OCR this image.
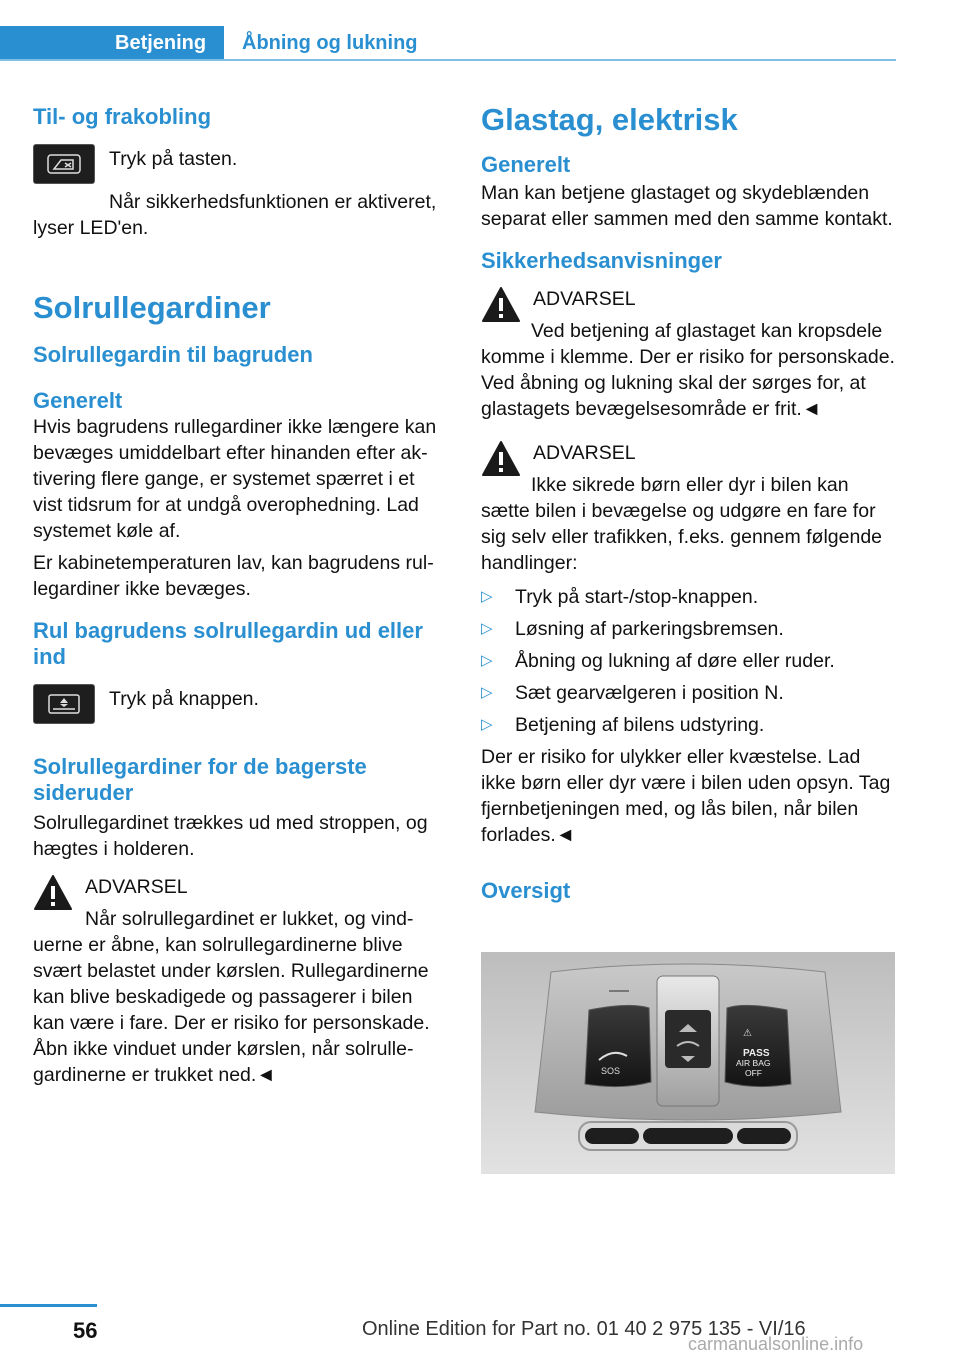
Betjening	Åbning og lukning
Til- og frakobling

Tryk på tasten.

Når sikkerhedsfunktionen er aktiveret, lyser LED'en.

Solrullegardiner
Solrullegardin til bagruden
Generelt

Hvis bagrudens rullegardiner ikke længere kan bevæges umiddelbart efter hinanden efter aktivering flere gange, er systemet spærret i et vist tidsrum for at undgå overophedning. Lad systemet køle af.

Er kabinetemperaturen lav, kan bagrudens rullegardiner ikke bevæges.

Rul bagrudens solrullegardin ud eller ind

Tryk på knappen.

Solrullegardiner for de bagerste sideruder

Solrullegardinet trækkes ud med stroppen, og hægtes i holderen.

ADVARSEL

Når solrullegardinet er lukket, og vinduerne er åbne, kan solrullegardinerne blive svært belastet under kørslen. Rullegardinerne kan blive beskadigede og passagerer i bilen kan være i fare. Der er risiko for personskade. Åbn ikke vinduet under kørslen, når solrullegardinerne er trukket ned.◄

Glastag, elektrisk
Generelt

Man kan betjene glastaget og skydeblænden separat eller sammen med den samme kontakt.

Sikkerhedsanvisninger

ADVARSEL

Ved betjening af glastaget kan kropsdele komme i klemme. Der er risiko for personskade. Ved åbning og lukning skal der sørges for, at glastagets bevægelsesområde er frit.◄

ADVARSEL

Ikke sikrede børn eller dyr i bilen kan sætte bilen i bevægelse og udgøre en fare for sig selv eller trafikken, f.eks. gennem følgende handlinger:

▷ Tryk på start-/stop-knappen.
▷ Løsning af parkeringsbremsen.
▷ Åbning og lukning af døre eller ruder.
▷ Sæt gearvælgeren i position N.
▷ Betjening af bilens udstyring.

Der er risiko for ulykker eller kvæstelse. Lad ikke børn eller dyr være i bilen uden opsyn. Tag fjernbetjeningen med, og lås bilen, når bilen forlades.◄

Oversigt
SOS
⚠
PASS
AIR BAG
OFF
56	Online Edition for Part no. 01 40 2 975 135 - VI/16
carmanualsonline.info
